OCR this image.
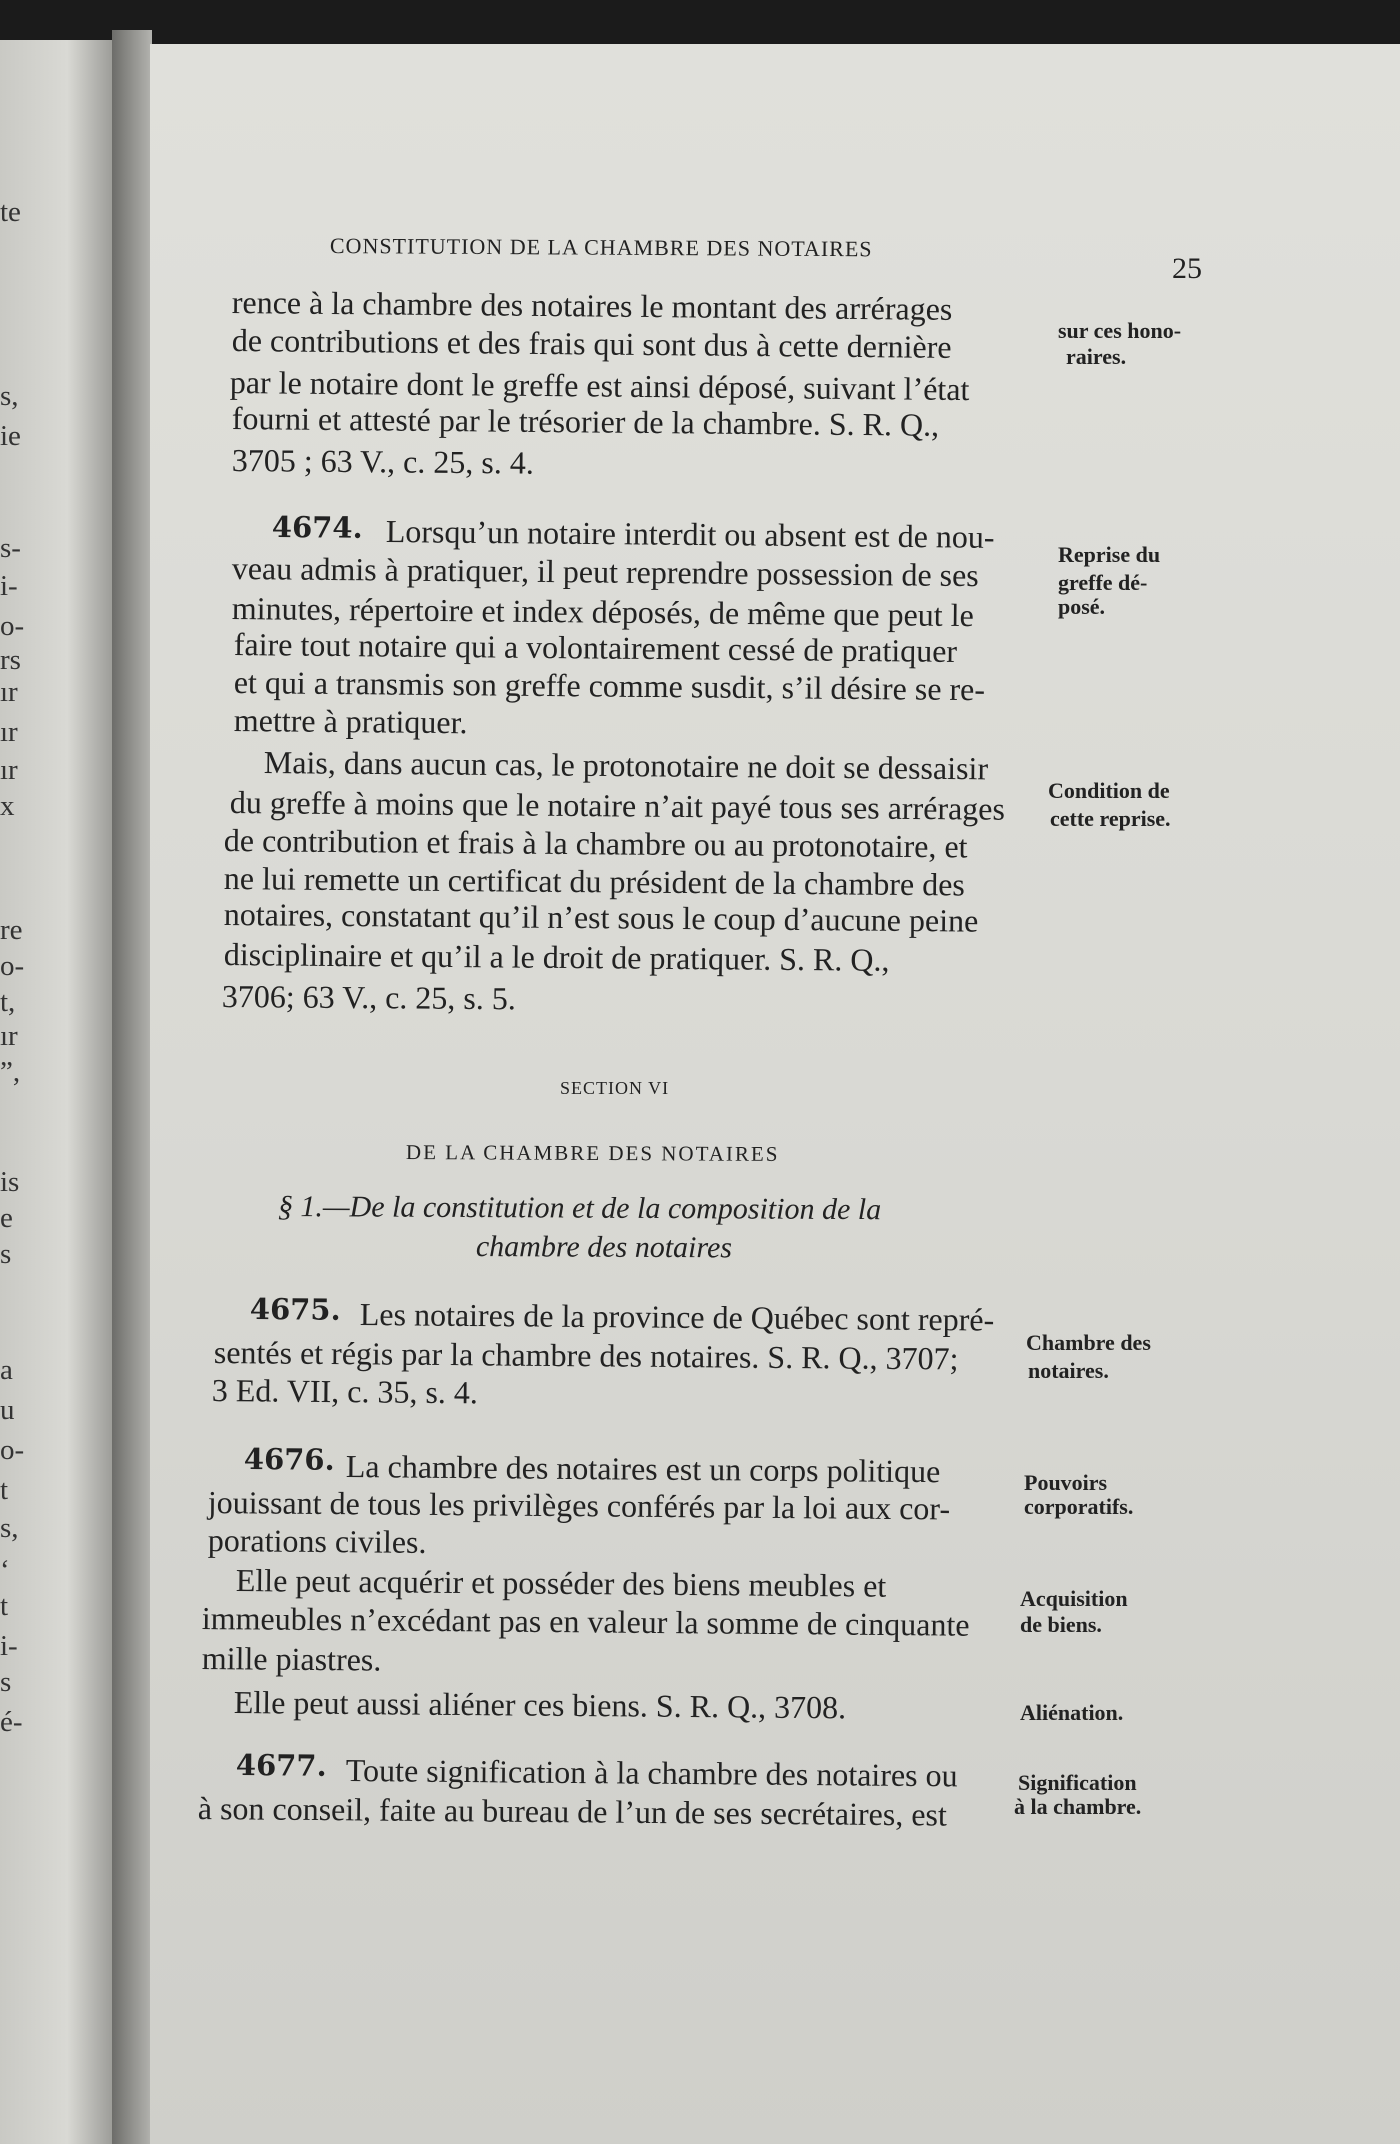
te
s,
ie
s-
i-
o-
rs
ır
ır
ır
x
re
o-
t,
ır
”,
is
e
s
a
u
o-
t
s,
‘
t
i-
s
é-
CONSTITUTION DE LA CHAMBRE DES NOTAIRES
25
rence à la chambre des notaires le montant des arrérages
de contributions et des frais qui sont dus à cette dernière
par le notaire dont le greffe est ainsi déposé, suivant l’état
fourni et attesté par le trésorier de la chambre. S. R. Q.,
3705 ; 63 V., c. 25, s. 4.
Lorsqu’un notaire interdit ou absent est de nou-
veau admis à pratiquer, il peut reprendre possession de ses
minutes, répertoire et index déposés, de même que peut le
faire tout notaire qui a volontairement cessé de pratiquer
et qui a transmis son greffe comme susdit, s’il désire se re-
mettre à pratiquer.
Mais, dans aucun cas, le protonotaire ne doit se dessaisir
du greffe à moins que le notaire n’ait payé tous ses arrérages
de contribution et frais à la chambre ou au protonotaire, et
ne lui remette un certificat du président de la chambre des
notaires, constatant qu’il n’est sous le coup d’aucune peine
disciplinaire et qu’il a le droit de pratiquer. S. R. Q.,
3706; 63 V., c. 25, s. 5.
SECTION VI
DE LA CHAMBRE DES NOTAIRES
§ 1.—De la constitution et de la composition de la
chambre des notaires
Les notaires de la province de Québec sont repré-
sentés et régis par la chambre des notaires. S. R. Q., 3707;
3 Ed. VII, c. 35, s. 4.
La chambre des notaires est un corps politique
jouissant de tous les privilèges conférés par la loi aux cor-
porations civiles.
Elle peut acquérir et posséder des biens meubles et
immeubles n’excédant pas en valeur la somme de cinquante
mille piastres.
Elle peut aussi aliéner ces biens. S. R. Q., 3708.
Toute signification à la chambre des notaires ou
à son conseil, faite au bureau de l’un de ses secrétaires, est
4674.
4675.
4676.
4677.
sur ces hono-
raires.
Reprise du
greffe dé-
posé.
Condition de
cette reprise.
Chambre des
notaires.
Pouvoirs
corporatifs.
Acquisition
de biens.
Aliénation.
Signification
à la chambre.
